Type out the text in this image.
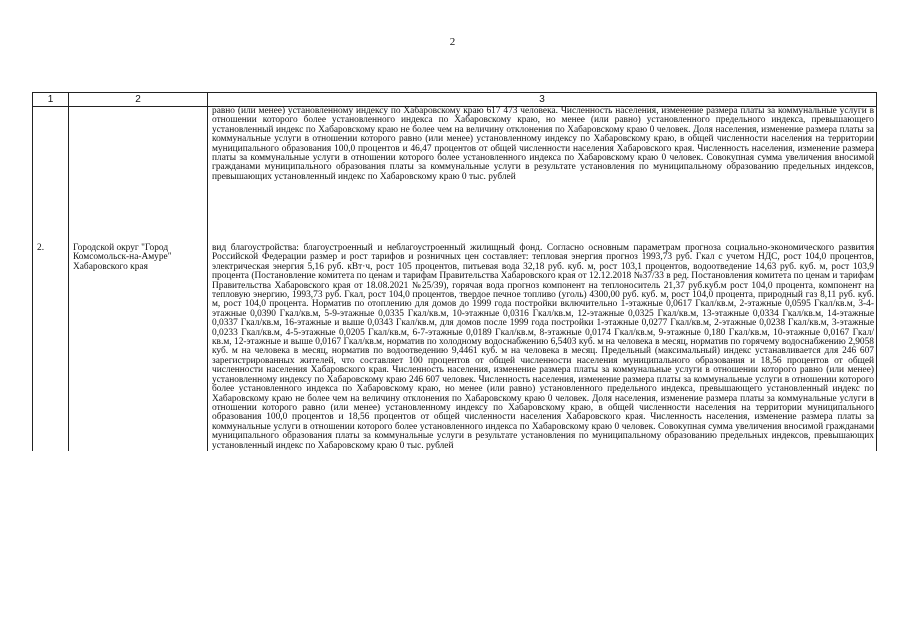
2
1	2	3
		равно (или менее) установленному индексу по Хабаровскому краю 617 473 человека. Численность населения, изменение размера платы за коммунальные услуги в отношении которого более установленного индекса по Хабаровскому краю, но менее (или равно) установленного предельного индекса, превышающего установленный индекс по Хабаровскому краю не более чем на величину отклонения по Хабаровскому краю 0 человек. Доля населения, изменение размера платы за коммунальные услуги в отношении которого равно (или менее) установленному индексу по Хабаровскому краю, в общей численности населения на территории муниципального образования 100,0 процентов и 46,47 процентов от общей численности населения Хабаровского края. Численность населения, изменение размера платы за коммунальные услуги в отношении которого более установленного индекса по Хабаровскому краю 0 человек. Совокупная сумма увеличения вносимой гражданами муниципального образования платы за коммунальные услуги в результате установления по муниципальному образованию предельных индексов, превышающих установленный индекс по Хабаровскому краю 0 тыс. рублей
2.	Городской округ "Город Комсомольск-на-Амуре" Хабаровского края	вид благоустройства: благоустроенный и неблагоустроенный жилищный фонд. Согласно основным параметрам прогноза социально-экономического развития Российской Федерации размер и рост тарифов и розничных цен составляет: тепловая энергия прогноз 1993,73 руб. Гкал с учетом НДС, рост 104,0 процентов, электрическая энергия 5,16 руб. кВт·ч, рост 105 процентов, питьевая вода 32,18 руб. куб. м, рост 103,1 процентов, водоотведение 14,63 руб. куб. м, рост 103,9 процента (Постановление комитета по ценам и тарифам Правительства Хабаровского края от 12.12.2018 №37/33 в ред. Постановления комитета по ценам и тарифам Правительства Хабаровского края от 18.08.2021 №25/39), горячая вода прогноз компонент на теплоноситель 21,37 руб.куб.м рост 104,0 процента, компонент на тепловую энергию, 1993,73 руб. Гкал, рост 104,0 процентов, твердое печное топливо (уголь) 4300,00 руб. куб. м, рост 104,0 процента, природный газ 8,11 руб. куб. м, рост 104,0 процента. Норматив по отоплению для домов до 1999 года постройки включительно 1-этажные 0,0617 Гкал/кв.м, 2-этажные 0,0595 Гкал/кв.м, 3-4-этажные 0,0390 Гкал/кв.м, 5-9-этажные 0,0335 Гкал/кв.м, 10-этажные 0,0316 Гкал/кв.м, 12-этажные 0,0325 Гкал/кв.м, 13-этажные 0,0334 Гкал/кв.м, 14-этажные 0,0337 Гкал/кв.м, 16-этажные и выше 0,0343 Гкал/кв.м, для домов после 1999 года постройки 1-этажные 0,0277 Гкал/кв.м, 2-этажные 0,0238 Гкал/кв.м, 3-этажные 0,0233 Гкал/кв.м, 4-5-этажные 0,0205 Гкал/кв.м, 6-7-этажные 0,0189 Гкал/кв.м, 8-этажные 0,0174 Гкал/кв.м, 9-этажные 0,180 Гкал/кв.м, 10-этажные 0,0167 Гкал/кв.м, 12-этажные и выше 0,0167 Гкал/кв.м, норматив по холодному водоснабжению 6,5403 куб. м на человека в месяц, норматив по горячему водоснабжению 2,9058 куб. м на человека в месяц, норматив по водоотведению 9,4461 куб. м на человека в месяц. Предельный (максимальный) индекс устанавливается для 246 607 зарегистрированных жителей, что составляет 100 процентов от общей численности населения муниципального образования и 18,56 процентов от общей численности населения Хабаровского края. Численность населения, изменение размера платы за коммунальные услуги в отношении которого равно (или менее) установленному индексу по Хабаровскому краю 246 607 человек. Численность населения, изменение размера платы за коммунальные услуги в отношении которого более установленного индекса по Хабаровскому краю, но менее (или равно) установленного предельного индекса, превышающего установленный индекс по Хабаровскому краю не более чем на величину отклонения по Хабаровскому краю 0 человек. Доля населения, изменение размера платы за коммунальные услуги в отношении которого равно (или менее) установленному индексу по Хабаровскому краю, в общей численности населения на территории муниципального образования 100,0 процентов и 18,56 процентов от общей численности населения Хабаровского края. Численность населения, изменение размера платы за коммунальные услуги в отношении которого более установленного индекса по Хабаровскому краю 0 человек. Совокупная сумма увеличения вносимой гражданами муниципального образования платы за коммунальные услуги в результате установления по муниципальному образованию предельных индексов, превышающих установленный индекс по Хабаровскому краю 0 тыс. рублей
